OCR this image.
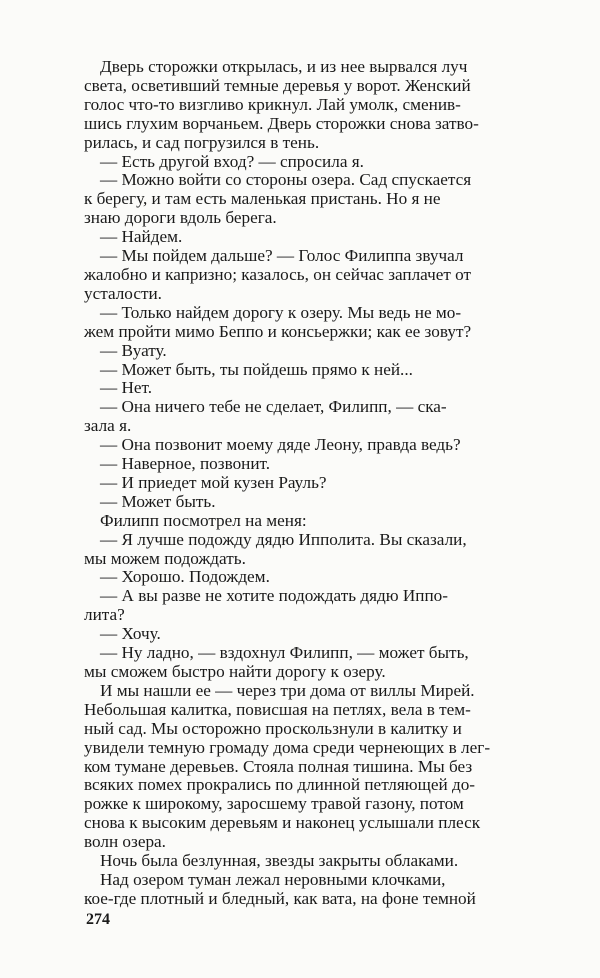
Дверь сторожки открылась, и из нее вырвался луч
света, осветивший темные деревья у ворот. Женский
голос что-то визгливо крикнул. Лай умолк, сменив-
шись глухим ворчаньем. Дверь сторожки снова затво-
рилась, и сад погрузился в тень.

— Есть другой вход? — спросила я.

— Можно войти со стороны озера. Сад спускается
к берегу, и там есть маленькая пристань. Но я не
знаю дороги вдоль берега.

— Найдем.

— Мы пойдем дальше? — Голос Филиппа звучал
жалобно и капризно; казалось, он сейчас заплачет от
усталости.

— Только найдем дорогу к озеру. Мы ведь не мо-
жем пройти мимо Беппо и консьержки; как ее зовут?

— Вуату.

— Может быть, ты пойдешь прямо к ней...

— Нет.

— Она ничего тебе не сделает, Филипп, — ска-
зала я.

— Она позвонит моему дяде Леону, правда ведь?

— Наверное, позвонит.

— И приедет мой кузен Рауль?

— Может быть.

Филипп посмотрел на меня:

— Я лучше подожду дядю Ипполита. Вы сказали,
мы можем подождать.

— Хорошо. Подождем.

— А вы разве не хотите подождать дядю Иппо-
лита?

— Хочу.

— Ну ладно, — вздохнул Филипп, — может быть,
мы сможем быстро найти дорогу к озеру.

И мы нашли ее — через три дома от виллы Мирей.
Небольшая калитка, повисшая на петлях, вела в тем-
ный сад. Мы осторожно проскользнули в калитку и
увидели темную громаду дома среди чернеющих в лег-
ком тумане деревьев. Стояла полная тишина. Мы без
всяких помех прокрались по длинной петляющей до-
рожке к широкому, заросшему травой газону, потом
снова к высоким деревьям и наконец услышали плеск
волн озера.

Ночь была безлунная, звезды закрыты облаками.

Над озером туман лежал неровными клочками,
кое-где плотный и бледный, как вата, на фоне темной

274
